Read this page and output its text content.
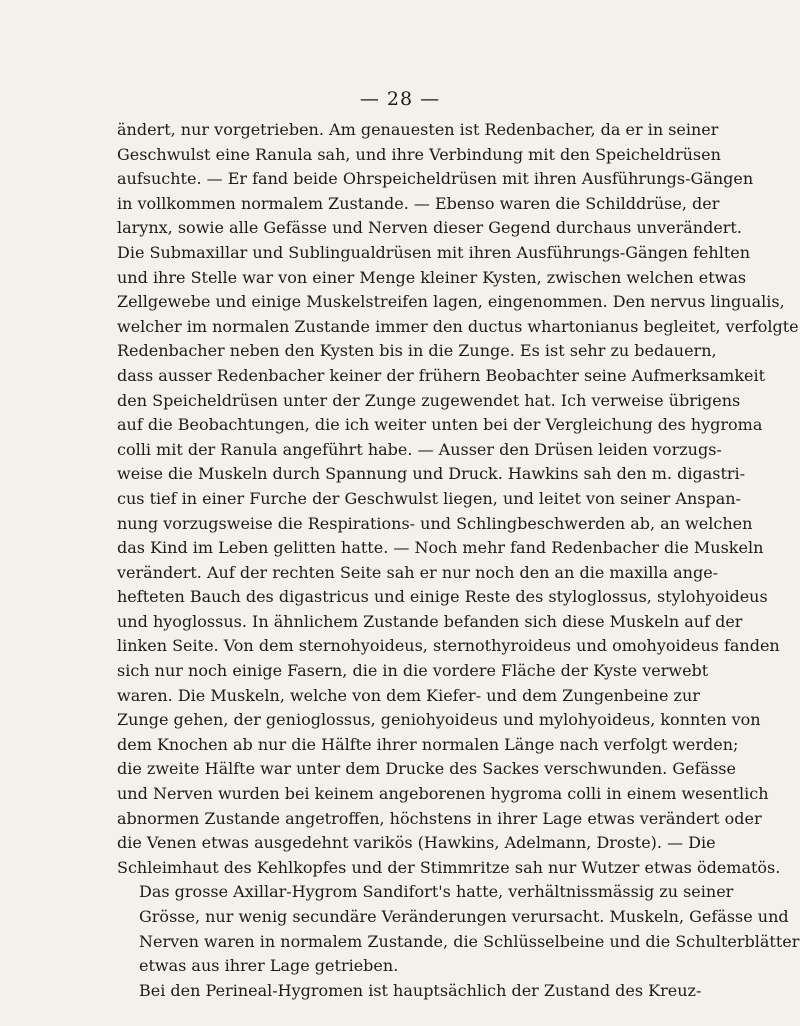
— 28 —

ändert, nur vorgetrieben. Am genauesten ist Redenbacher, da er in seiner
Geschwulst eine Ranula sah, und ihre Verbindung mit den Speicheldrüsen
aufsuchte. — Er fand beide Ohrspeicheldrüsen mit ihren Ausführungs-Gängen
in vollkommen normalem Zustande. — Ebenso waren die Schilddrüse, der
larynx, sowie alle Gefässe und Nerven dieser Gegend durchaus unverändert.
Die Submaxillar und Sublingualdrüsen mit ihren Ausführungs-Gängen fehlten
und ihre Stelle war von einer Menge kleiner Kysten, zwischen welchen etwas
Zellgewebe und einige Muskelstreifen lagen, eingenommen. Den nervus lingualis,
welcher im normalen Zustande immer den ductus whartonianus begleitet, verfolgte
Redenbacher neben den Kysten bis in die Zunge. Es ist sehr zu bedauern,
dass ausser Redenbacher keiner der frühern Beobachter seine Aufmerksamkeit
den Speicheldrüsen unter der Zunge zugewendet hat. Ich verweise übrigens
auf die Beobachtungen, die ich weiter unten bei der Vergleichung des hygroma
colli mit der Ranula angeführt habe. — Ausser den Drüsen leiden vorzugs-
weise die Muskeln durch Spannung und Druck. Hawkins sah den m. digastri-
cus tief in einer Furche der Geschwulst liegen, und leitet von seiner Anspan-
nung vorzugsweise die Respirations- und Schlingbeschwerden ab, an welchen
das Kind im Leben gelitten hatte. — Noch mehr fand Redenbacher die Muskeln
verändert. Auf der rechten Seite sah er nur noch den an die maxilla ange-
hefteten Bauch des digastricus und einige Reste des styloglossus, stylohyoideus
und hyoglossus. In ähnlichem Zustande befanden sich diese Muskeln auf der
linken Seite. Von dem sternohyoideus, sternothyroideus und omohyoideus fanden
sich nur noch einige Fasern, die in die vordere Fläche der Kyste verwebt
waren. Die Muskeln, welche von dem Kiefer- und dem Zungenbeine zur
Zunge gehen, der genioglossus, geniohyoideus und mylohyoideus, konnten von
dem Knochen ab nur die Hälfte ihrer normalen Länge nach verfolgt werden;
die zweite Hälfte war unter dem Drucke des Sackes verschwunden. Gefässe
und Nerven wurden bei keinem angeborenen hygroma colli in einem wesentlich
abnormen Zustande angetroffen, höchstens in ihrer Lage etwas verändert oder
die Venen etwas ausgedehnt varikös (Hawkins, Adelmann, Droste). — Die
Schleimhaut des Kehlkopfes und der Stimmritze sah nur Wutzer etwas ödematös.

Das grosse Axillar-Hygrom Sandifort's hatte, verhältnissmässig zu seiner
Grösse, nur wenig secundäre Veränderungen verursacht. Muskeln, Gefässe und
Nerven waren in normalem Zustande, die Schlüsselbeine und die Schulterblätter
etwas aus ihrer Lage getrieben.

Bei den Perineal-Hygromen ist hauptsächlich der Zustand des Kreuz-
